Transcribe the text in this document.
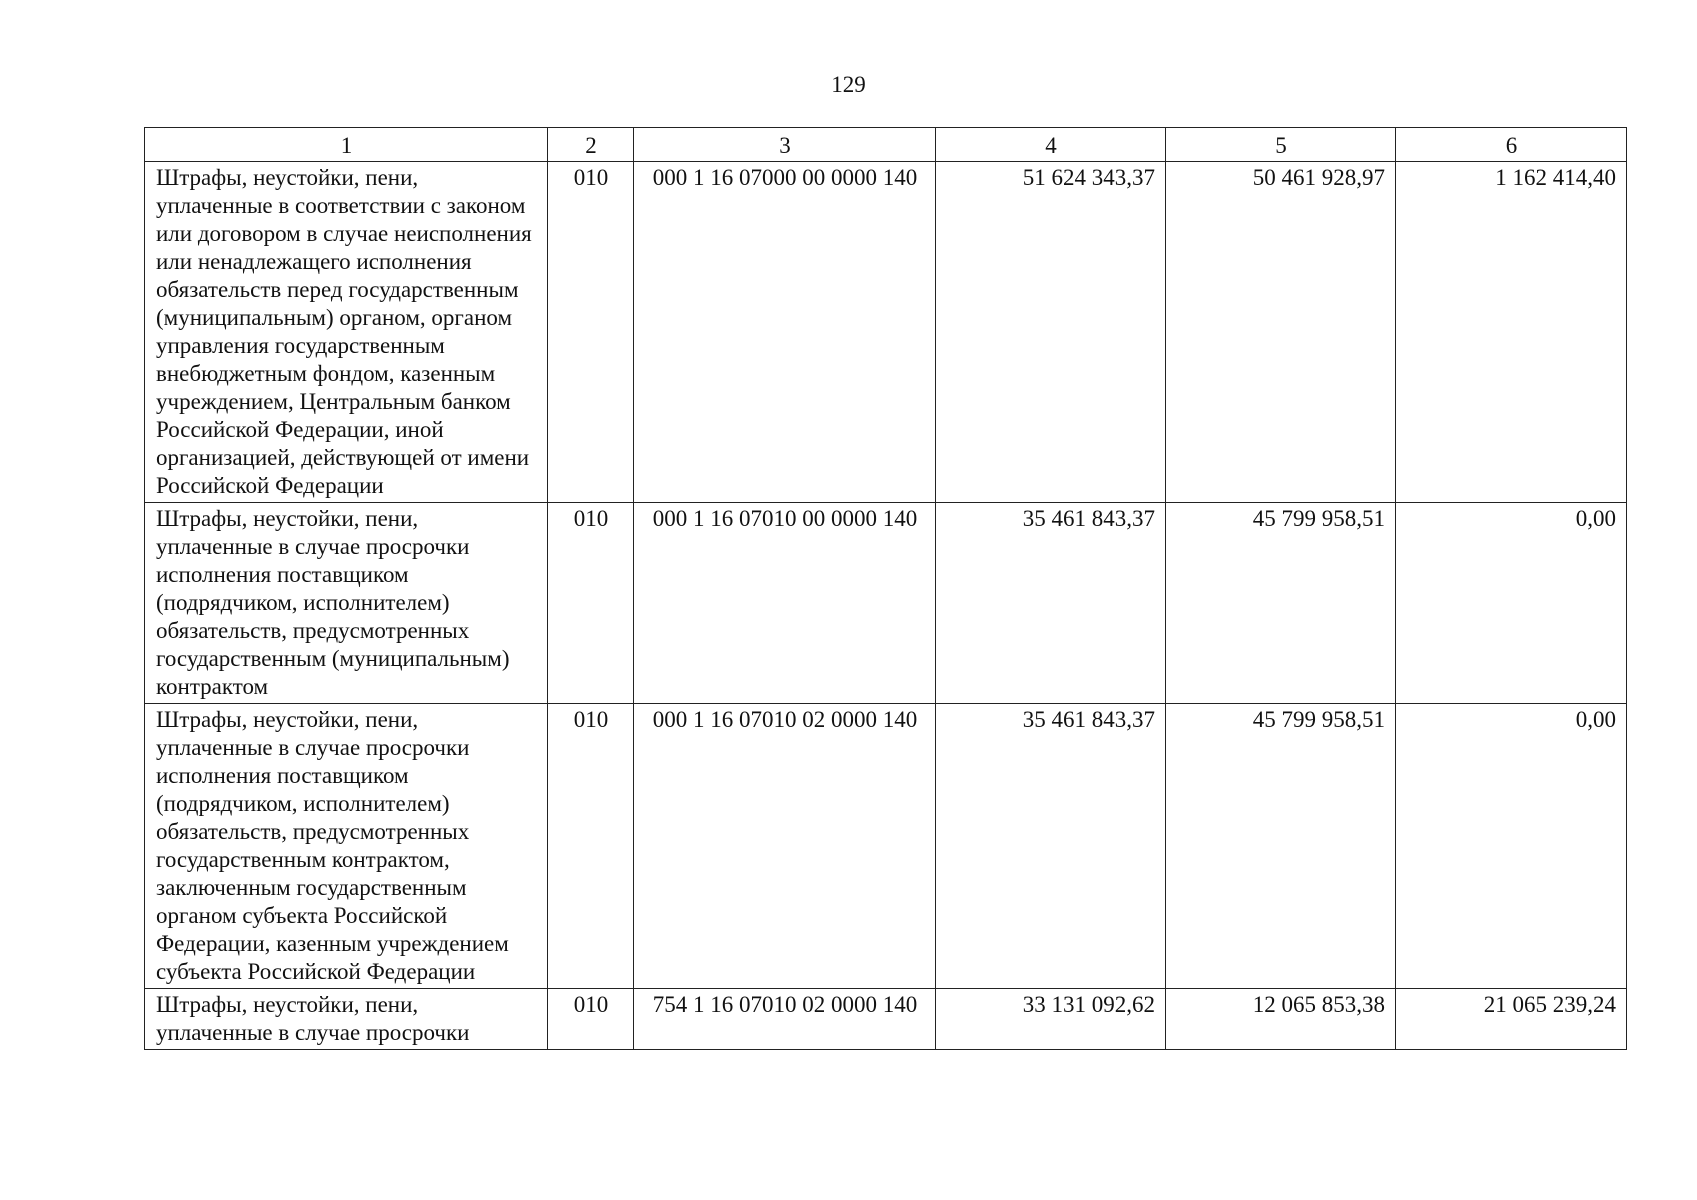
129
1	2	3	4	5	6
Штрафы, неустойки, пени, уплаченные в соответствии с законом или договором в случае неисполнения или ненадлежащего исполнения обязательств перед государственным (муниципальным) органом, органом управления государственным внебюджетным фондом, казенным учреждением, Центральным банком Российской Федерации, иной организацией, действующей от имени Российской Федерации	010	000 1 16 07000 00 0000 140	51 624 343,37	50 461 928,97	1 162 414,40
Штрафы, неустойки, пени, уплаченные в случае просрочки исполнения поставщиком (подрядчиком, исполнителем) обязательств, предусмотренных государственным (муниципальным) контрактом	010	000 1 16 07010 00 0000 140	35 461 843,37	45 799 958,51	0,00
Штрафы, неустойки, пени, уплаченные в случае просрочки исполнения поставщиком (подрядчиком, исполнителем) обязательств, предусмотренных государственным контрактом, заключенным государственным органом субъекта Российской Федерации, казенным учреждением субъекта Российской Федерации	010	000 1 16 07010 02 0000 140	35 461 843,37	45 799 958,51	0,00
Штрафы, неустойки, пени, уплаченные в случае просрочки	010	754 1 16 07010 02 0000 140	33 131 092,62	12 065 853,38	21 065 239,24
